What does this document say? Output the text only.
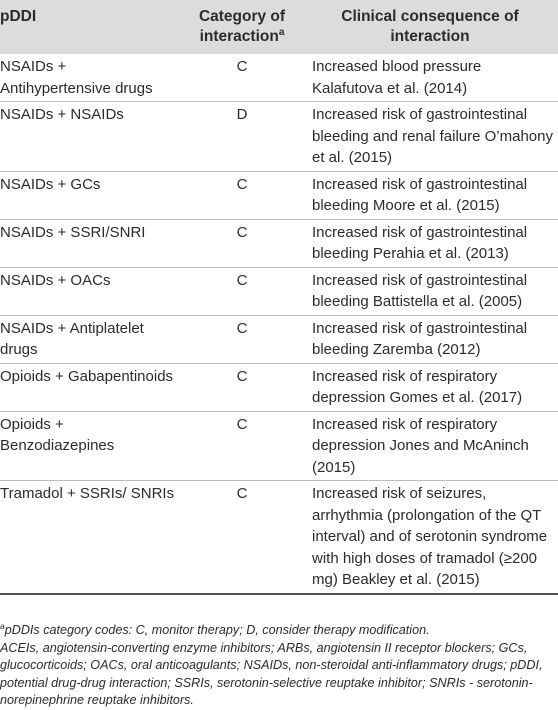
pDDI	Category of interaction$^a$	Clinical consequence of interaction
NSAIDs + Antihypertensive drugs	C	Increased blood pressure Kalafutova et al. (2014)
NSAIDs + NSAIDs	D	Increased risk of gastrointestinal bleeding and renal failure O’mahony et al. (2015)
NSAIDs + GCs	C	Increased risk of gastrointestinal bleeding Moore et al. (2015)
NSAIDs + SSRI/SNRI	C	Increased risk of gastrointestinal bleeding Perahia et al. (2013)
NSAIDs + OACs	C	Increased risk of gastrointestinal bleeding Battistella et al. (2005)
NSAIDs + Antiplatelet drugs	C	Increased risk of gastrointestinal bleeding Zaremba (2012)
Opioids + Gabapentinoids	C	Increased risk of respiratory depression Gomes et al. (2017)
Opioids + Benzodiazepines	C	Increased risk of respiratory depression Jones and McAninch (2015)
Tramadol + SSRIs/ SNRIs	C	Increased risk of seizures, arrhythmia (prolongation of the QT interval) and of serotonin syndrome with high doses of tramadol (≥200 mg) Beakley et al. (2015)

$^a$pDDIs category codes: C, monitor therapy; D, consider therapy modification.

ACEIs, angiotensin-converting enzyme inhibitors; ARBs, angiotensin II receptor blockers; GCs, glucocorticoids; OACs, oral anticoagulants; NSAIDs, non-steroidal anti-inflammatory drugs; pDDI, potential drug-drug interaction; SSRIs, serotonin-selective reuptake inhibitor; SNRIs - serotonin-norepinephrine reuptake inhibitors.
